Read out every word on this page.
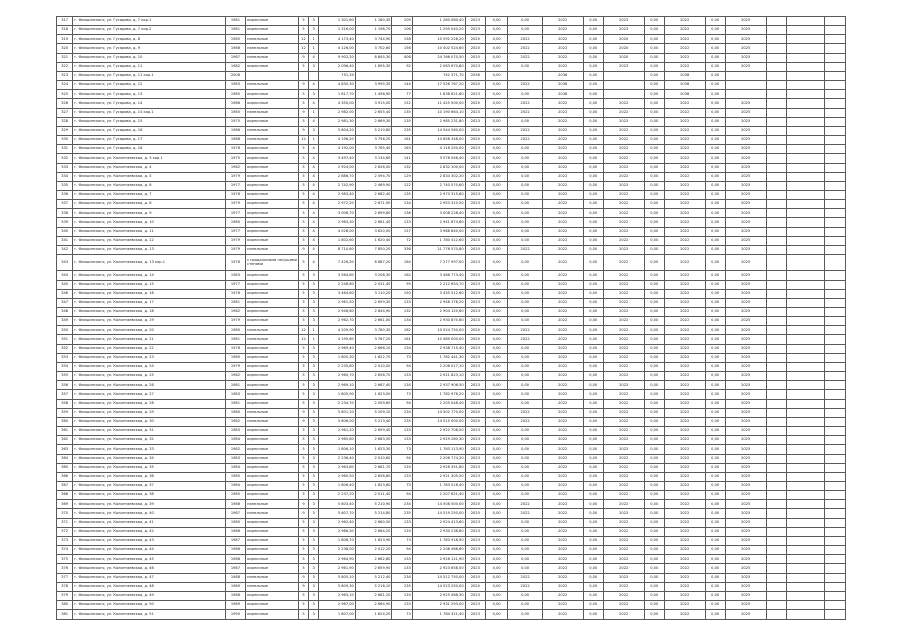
317	г. Фалшинского, ул. Гусарова, д. 7 кор.1	1981	кирпичные	5	3	1 301,60	1 180,30	105	1 280 080,40	2023	0,00	0,00	2022	0,00	2023	0,00	2022	0,00	2025			
318	г. Фалшинского, ул. Гусарова, д. 7 кор.2	1981	кирпичные	5	3	1 316,00	1 196,70	106	1 295 040,20	2023	0,00	0,00	2022	0,00	2023	0,00	2022	0,00	2025			
319	г. Фалшинского, ул. Гусарова, д. 8	1985	панельные	12	1	4 173,40	3 744,90	158	10 592 226,20	2020	0,00	2022	2022	0,00	2020	0,00	2022	0,00	2025			
320	г. Фалшинского, ул. Гусарова, д. 9	1986	панельные	12	1	4 126,00	3 702,60	156	10 402 524,60	2020	0,00	2022	2022	0,00	2020	0,00	2022	0,00	2025			
321	г. Фалшинского, ул. Гусарова, д. 10	1987	панельные	9	4	9 902,20	8 845,30	408	24 766 070,50	2020	0,00	2022	2022	0,00	2020	0,00	2022	0,00	2025			
322	г. Фалшинского, ул. Гусарова, д. 11	1982	кирпичные	5	3	2 096,40	1 895,30	92	2 063 670,80	2023	0,00	0,00	2022	0,00	2023	0,00	2022	0,00	2025			
323	г. Фалшинского, ул. Гусарова, д. 11 кор.1	2006				751,30			742 571,70	2038	0,00		2038	0,00		0,00	2038	0,00				
324	г. Фалшинского, ул. Гусарова, д. 12	1983	панельные	9	4	4 830,30	3 995,30	144	17 526 767,20	2020	0,00	2022	2038	0,00		0,00	2038	0,00				
325	г. Фалшинского, ул. Гусарова, д. 13	1985	кирпичные	5	3	1 617,70	1 456,90	77	1 638 621,60	2023	0,00	0,00	2038	0,00		0,00	2038	0,00				
326	г. Фалшинского, ул. Гусарова, д. 14	1986	кирпичные	5	4	4 350,00	3 915,00	152	11 425 500,00	2020	0,00	2022	2022	0,00	2022	0,00	2022	0,00	2025			
327	г. Фалшинского, ул. Гусарова, д. 14 кор.1	1985	панельные	9	1	2 982,00	2 655,40	135	10 190 664,10	2023	0,00	2022	2022	0,00	2022	0,00	2022	0,00	2025			
328	г. Фалшинского, ул. Гусарова, д. 15	1975	кирпичные	5	4	2 981,30	2 669,30	135	2 985 231,80	2023	0,00	0,00	2022	0,00	2022	0,00	2022	0,00	2025			
329	г. Фалшинского, ул. Гусарова, д. 16	1986	панельные	9	3	5 804,20	5 210,80	235	14 544 560,00	2020	0,00	2022	2022	0,00	2022	0,00	2022	0,00	2025			
330	г. Фалшинского, ул. Гусарова, д. 17	1988	панельные	12	1	4 196,20	3 756,20	161	10 658 348,00	2020	0,00	2022	2022	0,00	2022	0,00	2022	0,00	2025			
331	г. Фалшинского, ул. Гусарова, д. 18	1978	кирпичные	5	4	4 192,00	3 765,40	163	4 118 250,00	2023	0,00	0,00	2022	0,00	2022	0,00	2022	0,00	2025			
332	г. Фалшинского, ул. Колонтаевская, д. 3 кор.1	1975	кирпичные	5	4	3 497,40	3 134,60	141	3 578 046,40	2023	0,00	0,00	2022	0,00	2022	0,00	2022	0,00	2025			
333	г. Фалшинского, ул. Колонтаевская, д. 4	1982	кирпичные	5	4	2 924,00	2 626,00	132	2 832 100,00	2023	0,00	0,00	2022	0,00	2022	0,00	2022	0,00	2025			
334	г. Фалшинского, ул. Колонтаевская, д. 5	1979	кирпичные	5	4	2 886,70	2 594,70	129	2 834 302,20	2023	0,00	0,00	2022	0,00	2022	0,00	2022	0,00	2025			
335	г. Фалшинского, ул. Колонтаевская, д. 6	1977	кирпичные	5	4	2 742,90	2 469,90	122	2 740 570,60	2023	0,00	0,00	2022	0,00	2022	0,00	2022	0,00	2025			
336	г. Фалшинского, ул. Колонтаевская, д. 7	1978	кирпичные	5	4	2 983,40	2 682,40	135	2 970 315,80	2023	0,00	0,00	2022	0,00	2022	0,00	2022	0,00	2025			
337	г. Фалшинского, ул. Колонтаевская, д. 8	1979	кирпичные	5	4	2 972,20	2 671,90	134	2 953 310,50	2023	0,00	0,00	2022	0,00	2022	0,00	2022	0,00	2025			
338	г. Фалшинского, ул. Колонтаевская, д. 9	1977	кирпичные	5	4	3 006,70	2 699,60	136	3 008 228,40	2023	0,00	0,00	2022	0,00	2022	0,00	2022	0,00	2025			
339	г. Фалшинского, ул. Колонтаевская, д. 10	1980	кирпичные	5	4	2 963,30	2 661,40	133	2 941 874,60	2023	0,00	0,00	2022	0,00	2022	0,00	2022	0,00	2025			
340	г. Фалшинского, ул. Колонтаевская, д. 11	1977	кирпичные	5	4	4 028,00	3 620,00	157	3 988 840,00	2023	0,00	0,00	2022	0,00	2022	0,00	2022	0,00	2025			
341	г. Фалшинского, ул. Колонтаевская, д. 12	1979	кирпичные	5	4	1 802,60	1 620,40	72	1 780 412,60	2023	0,00	0,00	2022	0,00	2022	0,00	2022	0,00	2025			
342	г. Фалшинского, ул. Колонтаевская, д. 13	1979	панельные	9	4	8 710,60	7 850,20	336	21 776 570,80	2020	0,00	2022	2022	0,00	2022	0,00	2022	0,00	2025			
343	г. Фалшинского, ул. Колонтаевская, д. 13 кор.1	1978	с продольными несущими стенами	5	4	7 426,50	6 687,20	164	7 277 997,00	2023	0,00	0,00	2022	0,00	2022	0,00	2022	0,00	2025			
344	г. Фалшинского, ул. Колонтаевская, д. 14	1983	кирпичные	5	3	3 564,60	3 208,30	162	3 486 773,40	2023	0,00	0,00	2022	0,00	2022	0,00	2022	0,00	2025			
345	г. Фалшинского, ул. Колонтаевская, д. 15	1977	кирпичные	5	3	2 248,60	2 021,40	95	2 212 654,70	2023	0,00	0,00	2022	0,00	2022	0,00	2022	0,00	2025			
346	г. Фалшинского, ул. Колонтаевская, д. 16	1978	кирпичные	5	3	3 464,60	3 110,20	150	3 435 512,60	2023	0,00	0,00	2022	0,00	2022	0,00	2022	0,00	2025			
347	г. Фалшинского, ул. Колонтаевская, д. 17	1981	кирпичные	5	3	2 961,50	2 659,30	133	2 948 176,20	2023	0,00	0,00	2022	0,00	2022	0,00	2022	0,00	2025			
348	г. Фалшинского, ул. Колонтаевская, д. 18	1982	кирпичные	5	3	2 946,80	2 644,90	132	2 904 120,60	2023	0,00	0,00	2022	0,00	2022	0,00	2022	0,00	2025			
349	г. Фалшинского, ул. Колонтаевская, д. 19	1979	кирпичные	5	3	2 962,70	2 661,00	134	2 930 870,80	2023	0,00	0,00	2022	0,00	2022	0,00	2022	0,00	2025			
350	г. Фалшинского, ул. Колонтаевская, д. 20	1980	панельные	12	1	4 209,90	3 780,30	162	10 524 750,00	2020	0,00	2022	2022	0,00	2022	0,00	2022	0,00	2025			
351	г. Фалшинского, ул. Колонтаевская, д. 21	1981	панельные	12	1	4 195,60	3 767,20	161	10 489 000,00	2020	0,00	2022	2022	0,00	2022	0,00	2022	0,00	2025			
352	г. Фалшинского, ул. Колонтаевская, д. 22	1978	кирпичные	5	3	2 969,40	2 666,10	134	2 938 715,40	2023	0,00	0,00	2022	0,00	2022	0,00	2022	0,00	2025			
353	г. Фалшинского, ул. Колонтаевская, д. 23	1980	кирпичные	5	3	1 805,30	1 622,70	73	1 782 441,30	2023	0,00	0,00	2022	0,00	2022	0,00	2022	0,00	2025			
354	г. Фалшинского, ул. Колонтаевская, д. 24	1979	кирпичные	5	3	2 235,60	2 010,00	94	2 206 017,10	2023	0,00	0,00	2022	0,00	2022	0,00	2022	0,00	2025			
355	г. Фалшинского, ул. Колонтаевская, д. 25	1982	кирпичные	5	3	2 960,70	2 658,70	133	2 921 823,10	2023	0,00	0,00	2022	0,00	2022	0,00	2022	0,00	2025			
356	г. Фалшинского, ул. Колонтаевская, д. 26	1981	кирпичные	5	3	2 969,10	2 667,40	134	2 937 906,50	2023	0,00	0,00	2022	0,00	2022	0,00	2022	0,00	2025			
357	г. Фалшинского, ул. Колонтаевская, д. 27	1983	кирпичные	5	3	1 805,90	1 623,00	73	1 782 976,20	2023	0,00	0,00	2022	0,00	2022	0,00	2022	0,00	2025			
358	г. Фалшинского, ул. Колонтаевская, д. 28	1981	кирпичные	5	3	2 234,70	2 009,60	94	2 205 048,40	2023	0,00	0,00	2022	0,00	2022	0,00	2022	0,00	2025			
359	г. Фалшинского, ул. Колонтаевская, д. 29	1980	панельные	9	3	5 801,20	5 209,10	234	14 502 770,00	2020	0,00	2022	2022	0,00	2022	0,00	2022	0,00	2025			
360	г. Фалшинского, ул. Колонтаевская, д. 30	1982	панельные	9	3	5 806,00	5 213,40	235	14 515 000,00	2020	0,00	2022	2022	0,00	2022	0,00	2022	0,00	2025			
361	г. Фалшинского, ул. Колонтаевская, д. 31	1983	кирпичные	5	3	2 961,20	2 659,40	133	2 922 708,50	2023	0,00	0,00	2022	0,00	2022	0,00	2022	0,00	2025			
362	г. Фалшинского, ул. Колонтаевская, д. 32	1984	кирпичные	5	3	2 965,60	2 663,50	133	2 929 280,30	2023	0,00	0,00	2022	0,00	2022	0,00	2022	0,00	2025			
363	г. Фалшинского, ул. Колонтаевская, д. 33	1982	кирпичные	5	3	1 806,10	1 623,30	73	1 783 113,90	2023	0,00	0,00	2022	0,00	2022	0,00	2022	0,00	2025			
364	г. Фалшинского, ул. Колонтаевская, д. 34	1983	кирпичные	5	3	2 236,40	2 010,60	94	2 206 774,20	2023	0,00	0,00	2022	0,00	2022	0,00	2022	0,00	2025			
365	г. Фалшинского, ул. Колонтаевская, д. 35	1984	кирпичные	5	3	2 963,80	2 661,70	133	2 926 351,80	2023	0,00	0,00	2022	0,00	2022	0,00	2022	0,00	2025			
366	г. Фалшинского, ул. Колонтаевская, д. 36	1985	кирпичные	5	3	2 960,50	2 658,80	133	2 921 305,50	2023	0,00	0,00	2022	0,00	2022	0,00	2022	0,00	2025			
367	г. Фалшинского, ул. Колонтаевская, д. 37	1984	кирпичные	5	3	1 806,40	1 623,60	73	1 783 516,40	2023	0,00	0,00	2022	0,00	2022	0,00	2022	0,00	2025			
368	г. Фалшинского, ул. Колонтаевская, д. 38	1985	кирпичные	5	3	2 237,20	2 011,40	94	2 207 621,40	2023	0,00	0,00	2022	0,00	2022	0,00	2022	0,00	2025			
369	г. Фалшинского, ул. Колонтаевская, д. 39	1986	панельные	9	3	5 803,40	5 210,90	234	14 508 500,00	2020	0,00	2022	2022	0,00	2022	0,00	2022	0,00	2025			
370	г. Фалшинского, ул. Колонтаевская, д. 40	1987	панельные	9	3	5 807,70	5 214,80	235	14 519 250,00	2020	0,00	2022	2022	0,00	2022	0,00	2022	0,00	2025			
371	г. Фалшинского, ул. Колонтаевская, д. 41	1985	кирпичные	5	3	2 962,40	2 660,50	133	2 924 413,60	2023	0,00	0,00	2022	0,00	2022	0,00	2022	0,00	2025			
372	г. Фалшинского, ул. Колонтаевская, д. 42	1986	кирпичные	5	3	2 966,30	2 664,20	133	2 930 238,80	2023	0,00	0,00	2022	0,00	2022	0,00	2022	0,00	2025			
373	г. Фалшинского, ул. Колонтаевская, д. 43	1987	кирпичные	5	3	1 806,70	1 623,90	73	1 783 918,90	2023	0,00	0,00	2022	0,00	2022	0,00	2022	0,00	2025			
374	г. Фалшинского, ул. Колонтаевская, д. 44	1986	кирпичные	5	3	2 238,00	2 012,20	94	2 208 468,60	2023	0,00	0,00	2022	0,00	2022	0,00	2022	0,00	2025			
375	г. Фалшинского, ул. Колонтаевская, д. 45	1988	кирпичные	5	3	2 964,90	2 662,80	133	2 928 121,90	2023	0,00	0,00	2022	0,00	2022	0,00	2022	0,00	2025			
376	г. Фалшинского, ул. Колонтаевская, д. 46	1987	кирпичные	5	3	2 961,90	2 659,90	133	2 923 658,50	2023	0,00	0,00	2022	0,00	2022	0,00	2022	0,00	2025			
377	г. Фалшинского, ул. Колонтаевская, д. 47	1988	панельные	9	3	5 805,10	5 212,40	234	14 512 750,00	2020	0,00	2022	2022	0,00	2022	0,00	2022	0,00	2025			
378	г. Фалшинского, ул. Колонтаевская, д. 48	1989	панельные	9	3	5 809,30	5 216,10	235	14 523 250,00	2020	0,00	2022	2022	0,00	2022	0,00	2022	0,00	2025			
379	г. Фалшинского, ул. Колонтаевская, д. 49	1988	кирпичные	5	3	2 963,10	2 661,20	133	2 925 468,30	2023	0,00	0,00	2022	0,00	2022	0,00	2022	0,00	2025			
380	г. Фалшинского, ул. Колонтаевская, д. 50	1989	кирпичные	5	3	2 967,00	2 664,90	133	2 931 293,00	2023	0,00	0,00	2022	0,00	2022	0,00	2022	0,00	2025			
381	г. Фалшинского, ул. Колонтаевская, д. 51	1990	кирпичные	5	3	1 807,00	1 624,20	73	1 784 321,40	2023	0,00	0,00	2022	0,00	2022	0,00	2022	0,00	2025			
